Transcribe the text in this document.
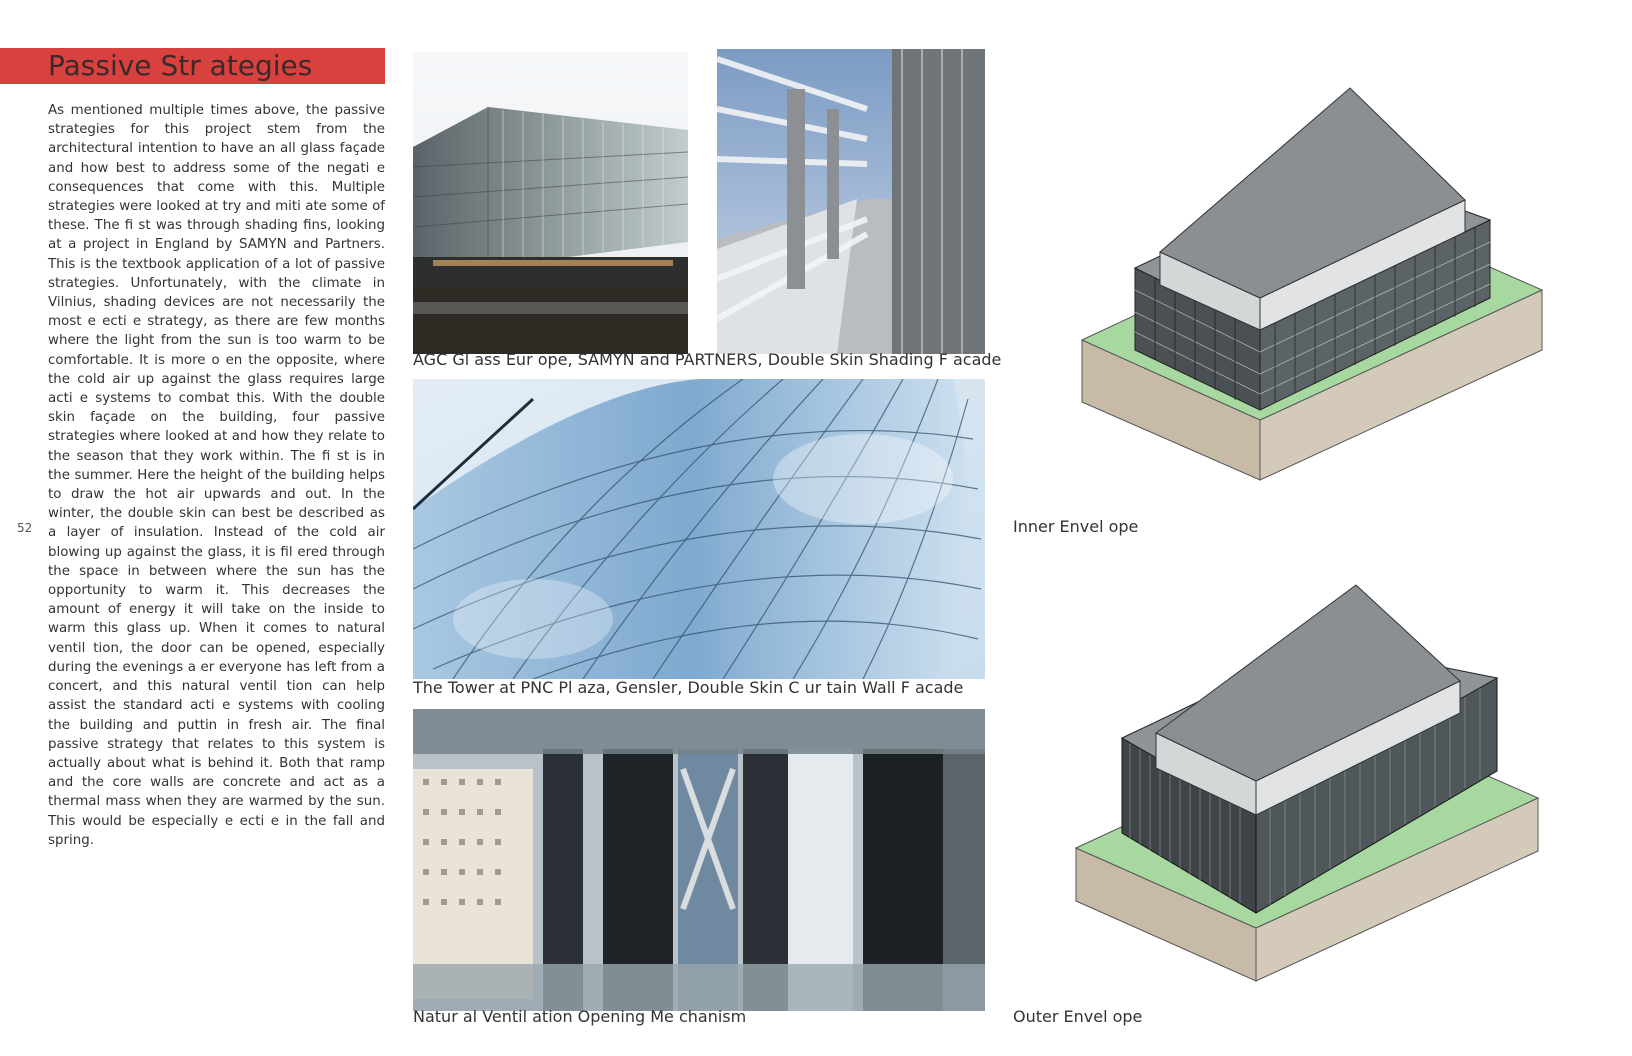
Passive Str ategies

As mentioned multiple times above, the passive strategies for this project stem from the architectural intention to have an all glass façade and how best to address some of the negati e consequences that come with this. Multiple strategies were looked at try and miti ate some of these. The fi st was through shading fins, looking at a project in England by SAMYN and Partners. This is the textbook application of a lot of passive strategies. Unfortunately, with the climate in Vilnius, shading devices are not necessarily the most e ecti e strategy, as there are few months where the light from the sun is too warm to be comfortable. It is more o en the opposite, where the cold air up against the glass requires large acti e systems to combat this. With the double skin façade on the building, four passive strategies where looked at and how they relate to the season that they work within. The fi st is in the summer. Here the height of the building helps to draw the hot air upwards and out. In the winter, the double skin can best be described as a layer of insulation. Instead of the cold air blowing up against the glass, it is fil ered through the space in between where the sun has the opportunity to warm it. This decreases the amount of energy it will take on the inside to warm this glass up. When it comes to natural ventil tion, the door can be opened, especially during the evenings a er everyone has left from a concert, and this natural ventil tion can help assist the standard acti e systems with cooling the building and puttin in fresh air. The final passive strategy that relates to this system is actually about what is behind it. Both that ramp and the core walls are concrete and act as a thermal mass when they are warmed by the sun. This would be especially e ecti e in the fall and spring.

52
AGC Gl ass Eur ope, SAMYN and PARTNERS, Double Skin Shading F acade
The Tower at PNC Pl aza, Gensler, Double Skin C ur tain Wall F acade
Natur al Ventil ation Opening Me chanism
Inner Envel ope
Outer Envel ope
